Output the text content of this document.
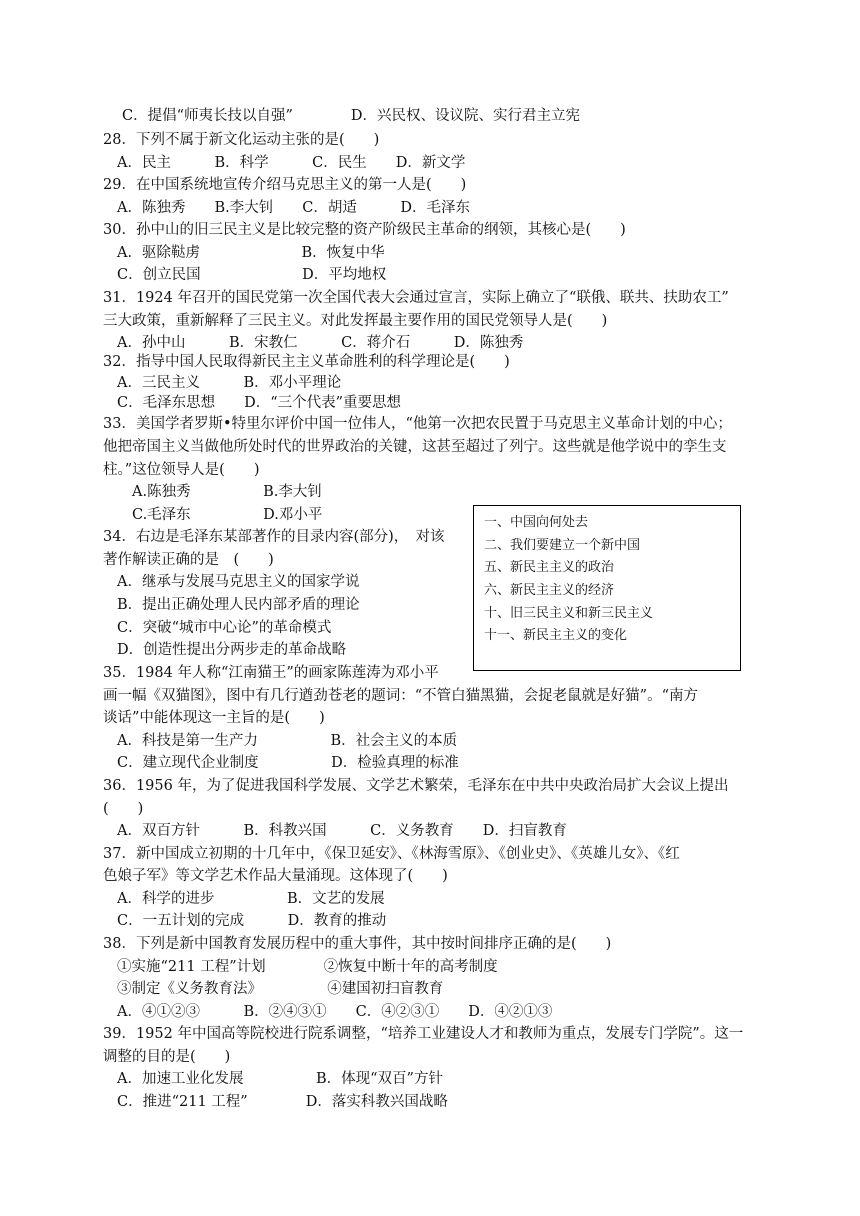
C．提倡“师夷长技以自强”　　　　D．兴民权、设议院、实行君主立宪
28．下列不属于新文化运动主张的是(　　)
A．民主　　　B．科学　　　C．民生　　D．新文学
29．在中国系统地宣传介绍马克思主义的第一人是(　　)
A．陈独秀　　B.李大钊　　C．胡适　　　D．毛泽东
30．孙中山的旧三民主义是比较完整的资产阶级民主革命的纲领，其核心是(　　)
A．驱除鞑虏　　　　　　　B．恢复中华
C．创立民国　　　　　　　D．平均地权
31．1924 年召开的国民党第一次全国代表大会通过宣言，实际上确立了“联俄、联共、扶助农工”
三大政策，重新解释了三民主义。对此发挥最主要作用的国民党领导人是(　　)
A．孙中山　　　B．宋教仁　　　C．蒋介石　　　D．陈独秀
32．指导中国人民取得新民主主义革命胜利的科学理论是(　　)
A．三民主义　　　B．邓小平理论
C．毛泽东思想　　D．“三个代表”重要思想
33．美国学者罗斯•特里尔评价中国一位伟人，“他第一次把农民置于马克思主义革命计划的中心；
他把帝国主义当做他所处时代的世界政治的关键，这甚至超过了列宁。这些就是他学说中的孪生支
柱。”这位领导人是(　　)
A.陈独秀　　　　　B.李大钊
C.毛泽东　　　　　D.邓小平
34．右边是毛泽东某部著作的目录内容(部分)，　对该
著作解读正确的是　(　　)
A．继承与发展马克思主义的国家学说
B．提出正确处理人民内部矛盾的理论
C．突破“城市中心论”的革命模式
D．创造性提出分两步走的革命战略
35．1984 年人称“江南猫王”的画家陈莲涛为邓小平
画一幅《双猫图》，图中有几行遒劲苍老的题词：“不管白猫黑猫，会捉老鼠就是好猫”。“南方
谈话”中能体现这一主旨的是(　　)
A．科技是第一生产力　　　　　B．社会主义的本质
C．建立现代企业制度　　　　　D．检验真理的标准
36．1956 年，为了促进我国科学发展、文学艺术繁荣，毛泽东在中共中央政治局扩大会议上提出
(　　)
A．双百方针　　　B．科教兴国　　　C．义务教育　　D．扫盲教育
37．新中国成立初期的十几年中，《保卫延安》、《林海雪原》、《创业史》、《英雄儿女》、《红
色娘子军》等文学艺术作品大量涌现。这体现了(　　)
A．科学的进步　　　　　B．文艺的发展
C．一五计划的完成　　　D．教育的推动
38．下列是新中国教育发展历程中的重大事件，其中按时间排序正确的是(　　)
①实施“211 工程”计划　　　　②恢复中断十年的高考制度
③制定《义务教育法》　　　　　④建国初扫盲教育
A．④①②③　　　B．②④③①　　C．④②③①　　D．④②①③
39．1952 年中国高等院校进行院系调整，“培养工业建设人才和教师为重点，发展专门学院”。这一
调整的目的是(　　)
A．加速工业化发展　　　　　B．体现“双百”方针
C．推进“211 工程”　　　　D．落实科教兴国战略
一、中国向何处去
二、我们要建立一个新中国
五、新民主主义的政治
六、新民主主义的经济
十、旧三民主义和新三民主义
十一、新民主主义的变化
